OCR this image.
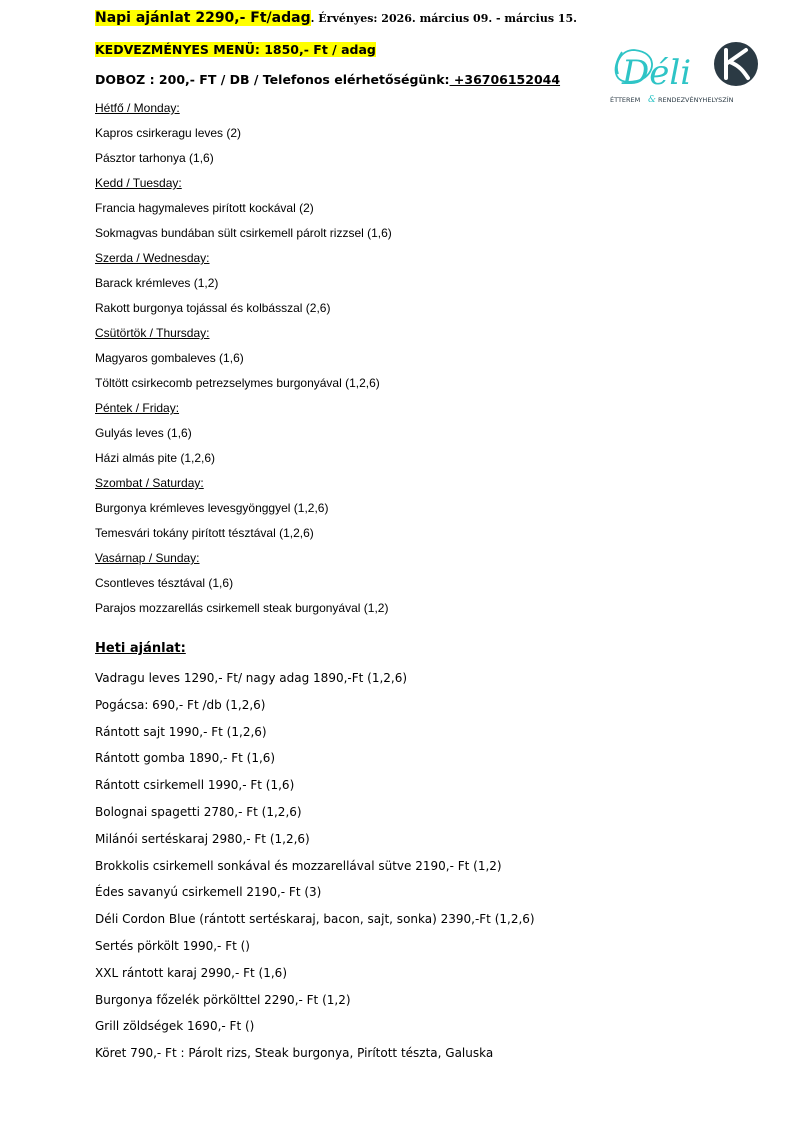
Napi ajánlat 2290,- Ft/adag. Érvényes: 2026. március 09. - március 15.
KEDVEZMÉNYES MENÜ: 1850,- Ft / adag
DOBOZ : 200,- FT / DB / Telefonos elérhetőségünk: +36706152044 Déli
ÉTTEREM & RENDEZVÉNYHELYSZÍN
Hétfő / Monday:
Kapros csirkeragu leves (2)
Pásztor tarhonya (1,6)
Kedd / Tuesday:
Francia hagymaleves pirított kockával (2)
Sokmagvas bundában sült csirkemell párolt rizzsel (1,6)
Szerda / Wednesday:
Barack krémleves (1,2)
Rakott burgonya tojással és kolbásszal (2,6)
Csütörtök / Thursday:
Magyaros gombaleves (1,6)
Töltött csirkecomb petrezselymes burgonyával (1,2,6)
Péntek / Friday:
Gulyás leves (1,6)
Házi almás pite (1,2,6)
Szombat / Saturday:
Burgonya krémleves levesgyönggyel (1,2,6)
Temesvári tokány pirított tésztával (1,2,6)
Vasárnap / Sunday:
Csontleves tésztával (1,6)
Parajos mozzarellás csirkemell steak burgonyával (1,2)
Heti ajánlat:
Vadragu leves 1290,- Ft/ nagy adag 1890,-Ft (1,2,6)
Pogácsa: 690,- Ft /db (1,2,6)
Rántott sajt 1990,- Ft (1,2,6)
Rántott gomba 1890,- Ft (1,6)
Rántott csirkemell 1990,- Ft (1,6)
Bolognai spagetti 2780,- Ft (1,2,6)
Milánói sertéskaraj 2980,- Ft (1,2,6)
Brokkolis csirkemell sonkával és mozzarellával sütve 2190,- Ft (1,2)
Édes savanyú csirkemell 2190,- Ft (3)
Déli Cordon Blue (rántott sertéskaraj, bacon, sajt, sonka) 2390,-Ft (1,2,6)
Sertés pörkölt 1990,- Ft ()
XXL rántott karaj 2990,- Ft (1,6)
Burgonya főzelék pörkölttel 2290,- Ft (1,2)
Grill zöldségek 1690,- Ft ()
Köret 790,- Ft : Párolt rizs, Steak burgonya, Pirított tészta, Galuska
